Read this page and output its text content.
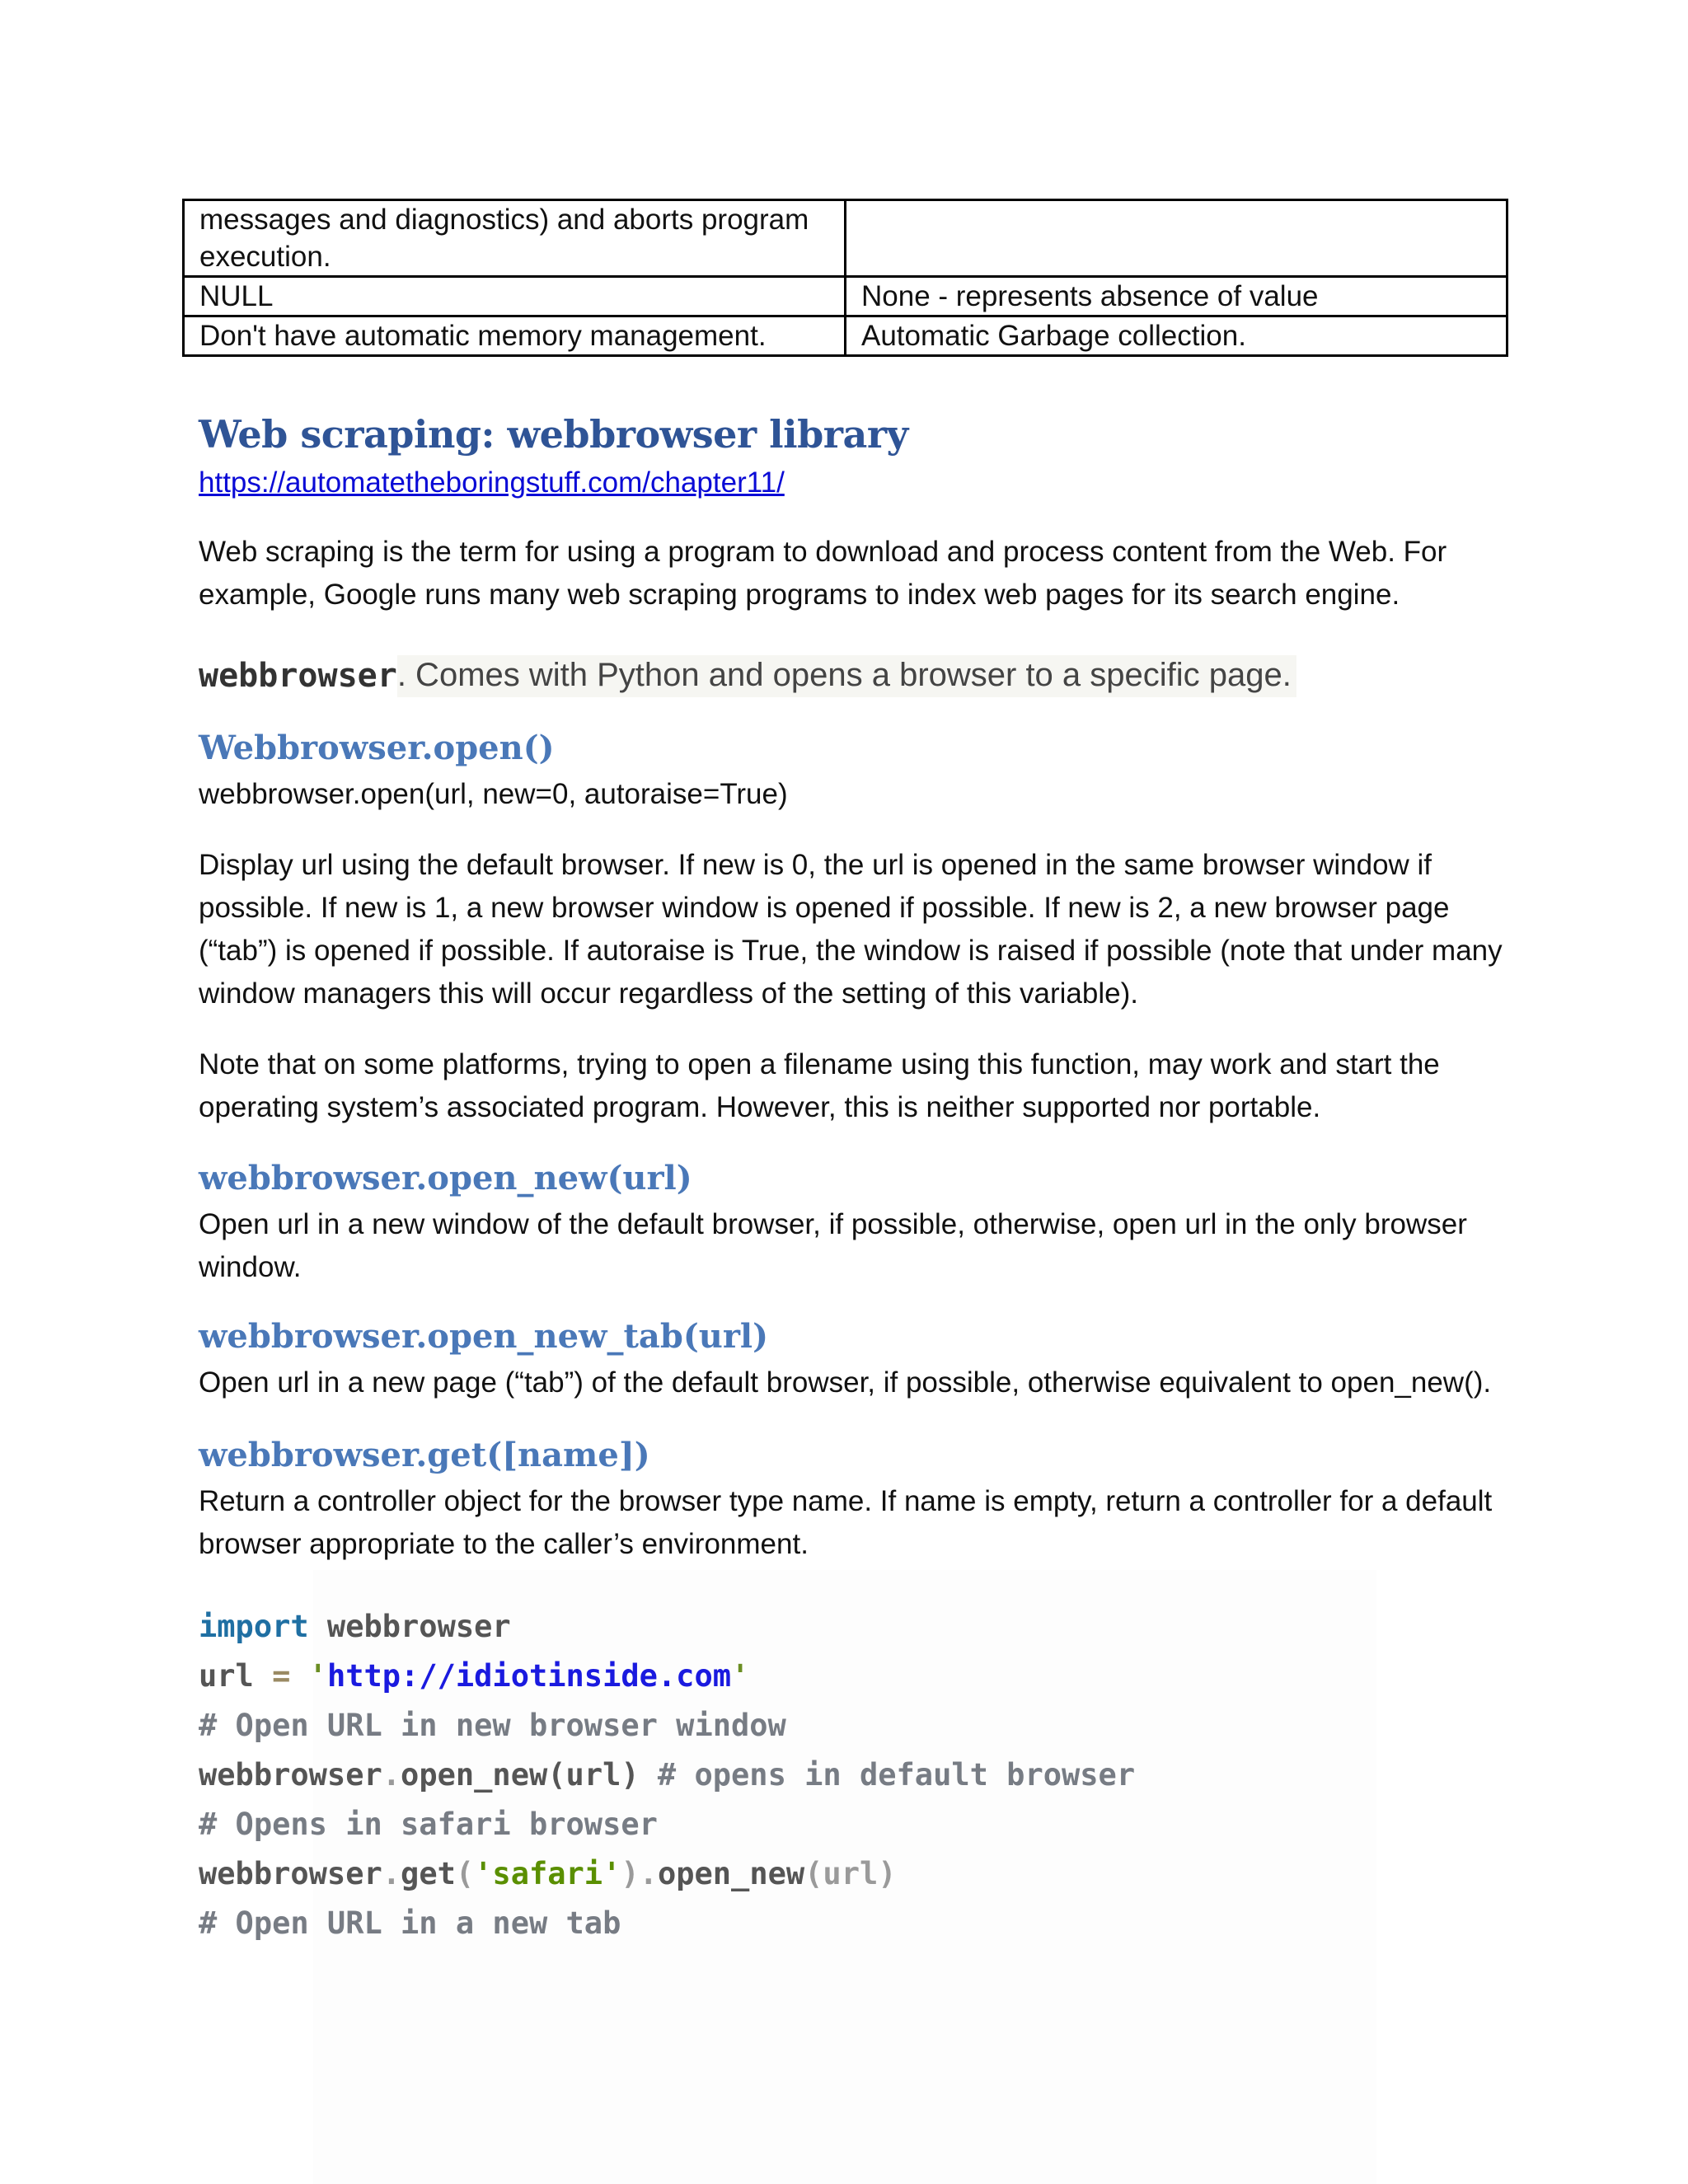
messages and diagnostics) and aborts program execution.	
NULL	None - represents absence of value
Don't have automatic memory management.	Automatic Garbage collection.
Web scraping: webbrowser library
https://automatetheboringstuff.com/chapter11/

Web scraping is the term for using a program to download and process content from the Web. For example, Google runs many web scraping programs to index web pages for its search engine.

webbrowser . Comes with Python and opens a browser to a specific page.
Webbrowser.open()

webbrowser.open(url, new=0, autoraise=True)

Display url using the default browser. If new is 0, the url is opened in the same browser window if possible. If new is 1, a new browser window is opened if possible. If new is 2, a new browser page (“tab”) is opened if possible. If autoraise is True, the window is raised if possible (note that under many window managers this will occur regardless of the setting of this variable).

Note that on some platforms, trying to open a filename using this function, may work and start the operating system’s associated program. However, this is neither supported nor portable.

webbrowser.open_new(url)

Open url in a new window of the default browser, if possible, otherwise, open url in the only browser window.

webbrowser.open_new_tab(url)

Open url in a new page (“tab”) of the default browser, if possible, otherwise equivalent to open_new().

webbrowser.get([name])

Return a controller object for the browser type name. If name is empty, return a controller for a default browser appropriate to the caller’s environment.

import webbrowser
url = 'http://idiotinside.com'
# Open URL in new browser window
webbrowser.open_new(url) # opens in default browser
# Opens in safari browser
webbrowser.get('safari').open_new(url)
# Open URL in a new tab
